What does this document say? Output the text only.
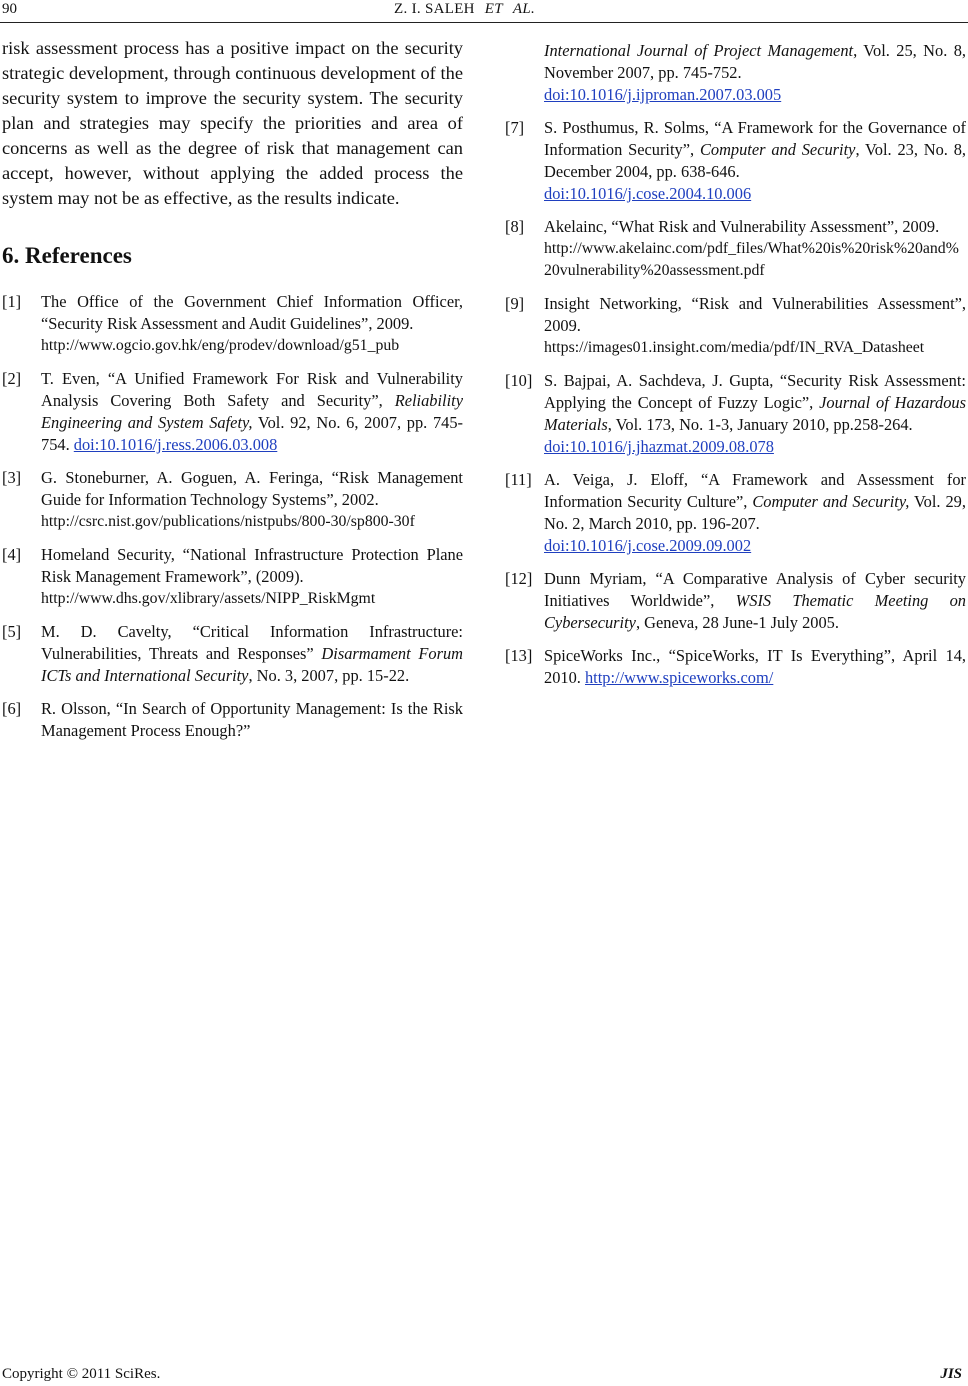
90	Z. I. SALEH ET AL.

risk assessment process has a positive impact on the security strategic development, through continuous development of the security system to improve the security system. The security plan and strategies may specify the priorities and area of concerns as well as the degree of risk that management can accept, however, without applying the added process the system may not be as effective, as the results indicate.

6. References
[1] The Office of the Government Chief Information Officer, “Security Risk Assessment and Audit Guidelines”, 2009.
http://www.ogcio.gov.hk/eng/prodev/download/g51_pub
[2] T. Even, “A Unified Framework For Risk and Vulnerability Analysis Covering Both Safety and Security”, Reliability Engineering and System Safety, Vol. 92, No. 6, 2007, pp. 745-754. doi:10.1016/j.ress.2006.03.008
[3] G. Stoneburner, A. Goguen, A. Feringa, “Risk Management Guide for Information Technology Systems”, 2002.
http://csrc.nist.gov/publications/nistpubs/800-30/sp800-30f
[4] Homeland Security, “National Infrastructure Protection Plane Risk Management Framework”, (2009).
http://www.dhs.gov/xlibrary/assets/NIPP_RiskMgmt
[5] M. D. Cavelty, “Critical Information Infrastructure: Vulnerabilities, Threats and Responses” Disarmament Forum ICTs and International Security, No. 3, 2007, pp. 15-22.
[6] R. Olsson, “In Search of Opportunity Management: Is the Risk Management Process Enough?”
International Journal of Project Management, Vol. 25, No. 8, November 2007, pp. 745-752.
doi:10.1016/j.ijproman.2007.03.005
[7] S. Posthumus, R. Solms, “A Framework for the Governance of Information Security”, Computer and Security, Vol. 23, No. 8, December 2004, pp. 638-646.
doi:10.1016/j.cose.2004.10.006
[8] Akelainc, “What Risk and Vulnerability Assessment”, 2009.
http://www.akelainc.com/pdf_files/What%20is%20risk%20and%20vulnerability%20assessment.pdf
[9] Insight Networking, “Risk and Vulnerabilities Assessment”, 2009.
https://images01.insight.com/media/pdf/IN_RVA_Datasheet
[10] S. Bajpai, A. Sachdeva, J. Gupta, “Security Risk Assessment: Applying the Concept of Fuzzy Logic”, Journal of Hazardous Materials, Vol. 173, No. 1-3, January 2010, pp.258-264.
doi:10.1016/j.jhazmat.2009.08.078
[11] A. Veiga, J. Eloff, “A Framework and Assessment for Information Security Culture”, Computer and Security, Vol. 29, No. 2, March 2010, pp. 196-207.
doi:10.1016/j.cose.2009.09.002
[12] Dunn Myriam, “A Comparative Analysis of Cyber security Initiatives Worldwide”, WSIS Thematic Meeting on Cybersecurity, Geneva, 28 June-1 July 2005.
[13] SpiceWorks Inc., “SpiceWorks, IT Is Everything”, April 14, 2010. http://www.spiceworks.com/
Copyright © 2011 SciRes.	JIS
